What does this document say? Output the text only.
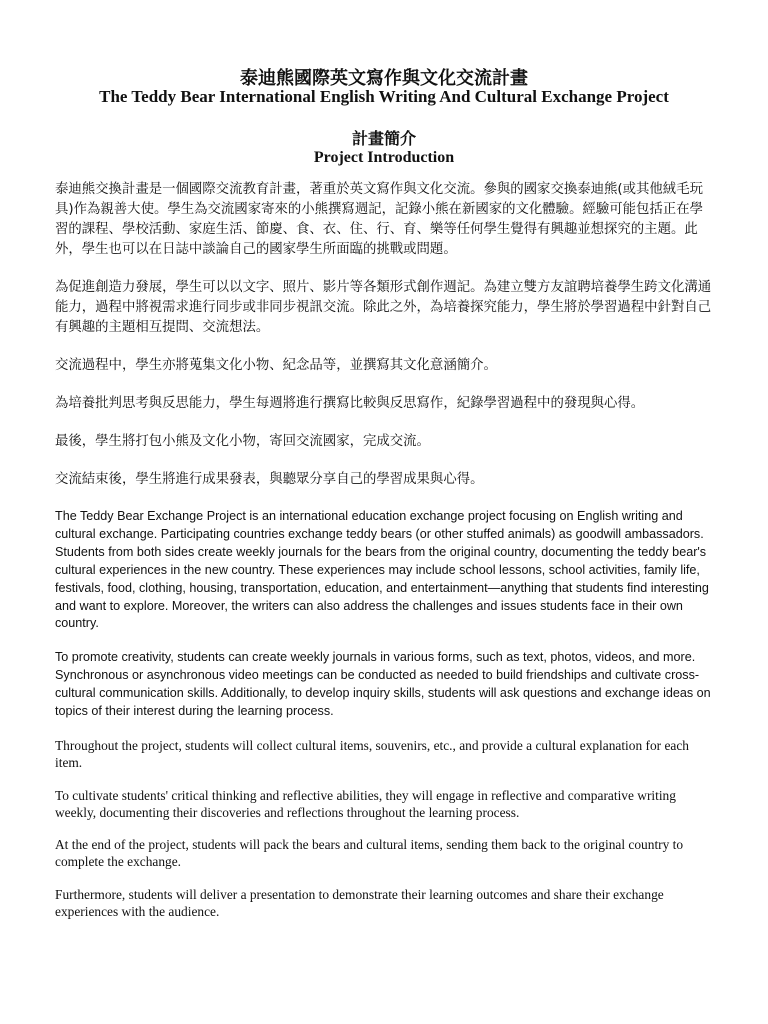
泰迪熊國際英文寫作與文化交流計畫
The Teddy Bear International English Writing And Cultural Exchange Project
計畫簡介
Project Introduction

泰迪熊交換計畫是一個國際交流教育計畫，著重於英文寫作與文化交流。參與的國家交換泰迪熊(或其他絨毛玩具)作為親善大使。學生為交流國家寄來的小熊撰寫週記，記錄小熊在新國家的文化體驗。經驗可能包括正在學習的課程、學校活動、家庭生活、節慶、食、衣、住、行、育、樂等任何學生覺得有興趣並想探究的主題。此外，學生也可以在日誌中談論自己的國家學生所面臨的挑戰或問題。

為促進創造力發展，學生可以以文字、照片、影片等各類形式創作週記。為建立雙方友誼聘培養學生跨文化溝通能力，過程中將視需求進行同步或非同步視訊交流。除此之外，為培養探究能力，學生將於學習過程中針對自己有興趣的主題相互提問、交流想法。

交流過程中，學生亦將蒐集文化小物、紀念品等，並撰寫其文化意涵簡介。

為培養批判思考與反思能力，學生每週將進行撰寫比較與反思寫作，紀錄學習過程中的發現與心得。

最後，學生將打包小熊及文化小物，寄回交流國家，完成交流。

交流結束後，學生將進行成果發表，與聽眾分享自己的學習成果與心得。

The Teddy Bear Exchange Project is an international education exchange project focusing on English writing and cultural exchange. Participating countries exchange teddy bears (or other stuffed animals) as goodwill ambassadors. Students from both sides create weekly journals for the bears from the original country, documenting the teddy bear's cultural experiences in the new country. These experiences may include school lessons, school activities, family life, festivals, food, clothing, housing, transportation, education, and entertainment—anything that students find interesting and want to explore. Moreover, the writers can also address the challenges and issues students face in their own country.

To promote creativity, students can create weekly journals in various forms, such as text, photos, videos, and more. Synchronous or asynchronous video meetings can be conducted as needed to build friendships and cultivate cross-cultural communication skills. Additionally, to develop inquiry skills, students will ask questions and exchange ideas on topics of their interest during the learning process.

Throughout the project, students will collect cultural items, souvenirs, etc., and provide a cultural explanation for each item.

To cultivate students' critical thinking and reflective abilities, they will engage in reflective and comparative writing weekly, documenting their discoveries and reflections throughout the learning process.

At the end of the project, students will pack the bears and cultural items, sending them back to the original country to complete the exchange.

Furthermore, students will deliver a presentation to demonstrate their learning outcomes and share their exchange experiences with the audience.
